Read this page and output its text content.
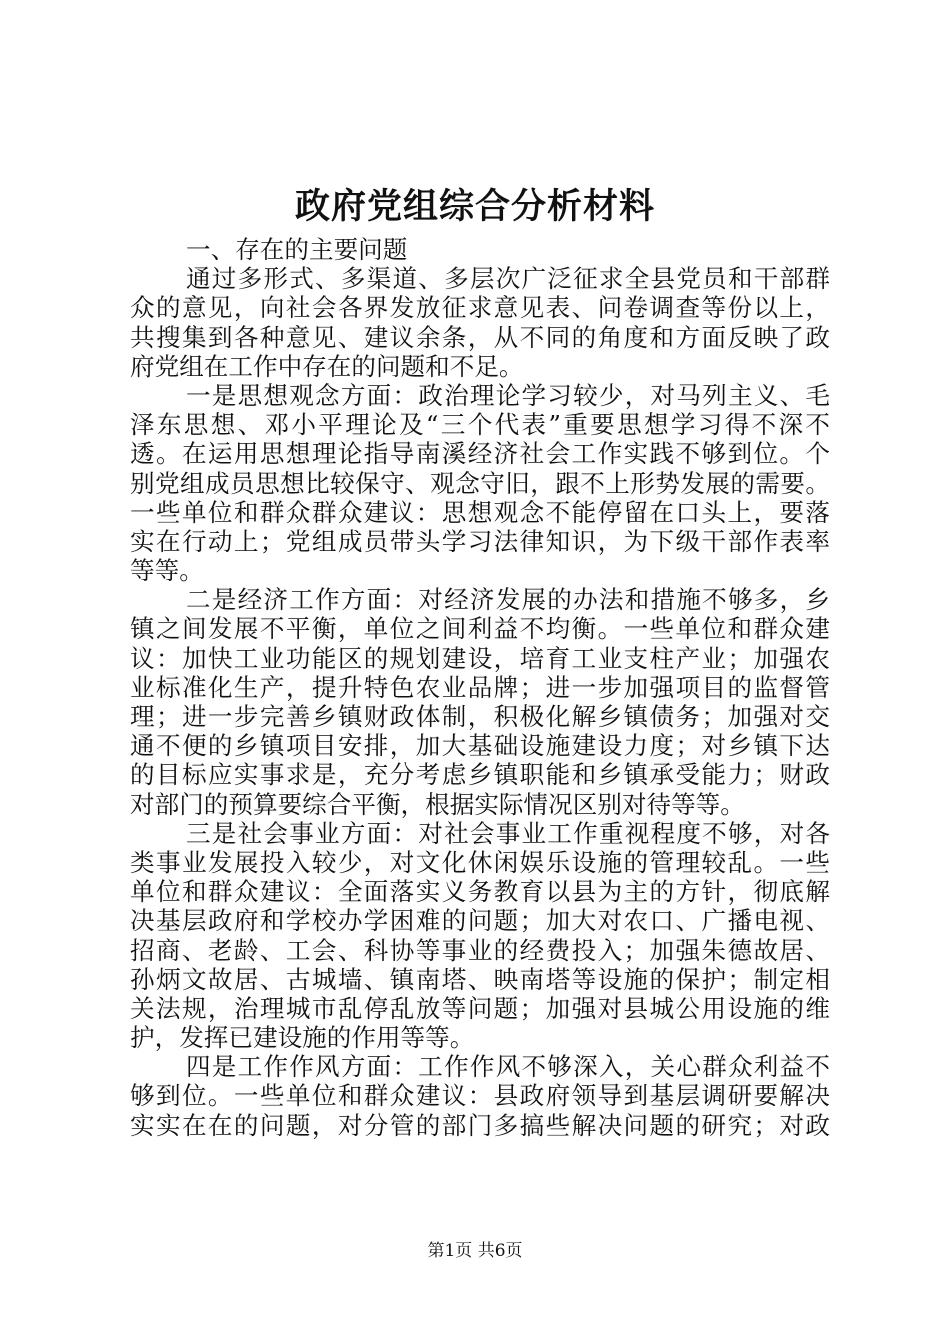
政府党组综合分析材料
一、存在的主要问题
通过多形式、多渠道、多层次广泛征求全县党员和干部群
众的意见，向社会各界发放征求意见表、问卷调查等份以上，
共搜集到各种意见、建议余条，从不同的角度和方面反映了政
府党组在工作中存在的问题和不足。
一是思想观念方面：政治理论学习较少，对马列主义、毛
泽东思想、邓小平理论及“三个代表”重要思想学习得不深不
透。在运用思想理论指导南溪经济社会工作实践不够到位。个
别党组成员思想比较保守、观念守旧，跟不上形势发展的需要。
一些单位和群众群众建议：思想观念不能停留在口头上，要落
实在行动上；党组成员带头学习法律知识，为下级干部作表率
等等。
二是经济工作方面：对经济发展的办法和措施不够多，乡
镇之间发展不平衡，单位之间利益不均衡。一些单位和群众建
议：加快工业功能区的规划建设，培育工业支柱产业；加强农
业标准化生产，提升特色农业品牌；进一步加强项目的监督管
理；进一步完善乡镇财政体制，积极化解乡镇债务；加强对交
通不便的乡镇项目安排，加大基础设施建设力度；对乡镇下达
的目标应实事求是，充分考虑乡镇职能和乡镇承受能力；财政
对部门的预算要综合平衡，根据实际情况区别对待等等。
三是社会事业方面：对社会事业工作重视程度不够，对各
类事业发展投入较少，对文化休闲娱乐设施的管理较乱。一些
单位和群众建议：全面落实义务教育以县为主的方针，彻底解
决基层政府和学校办学困难的问题；加大对农口、广播电视、
招商、老龄、工会、科协等事业的经费投入；加强朱德故居、
孙炳文故居、古城墙、镇南塔、映南塔等设施的保护；制定相
关法规，治理城市乱停乱放等问题；加强对县城公用设施的维
护，发挥已建设施的作用等等。
四是工作作风方面：工作作风不够深入，关心群众利益不
够到位。一些单位和群众建议：县政府领导到基层调研要解决
实实在在的问题，对分管的部门多搞些解决问题的研究；对政
第1页 共6页
